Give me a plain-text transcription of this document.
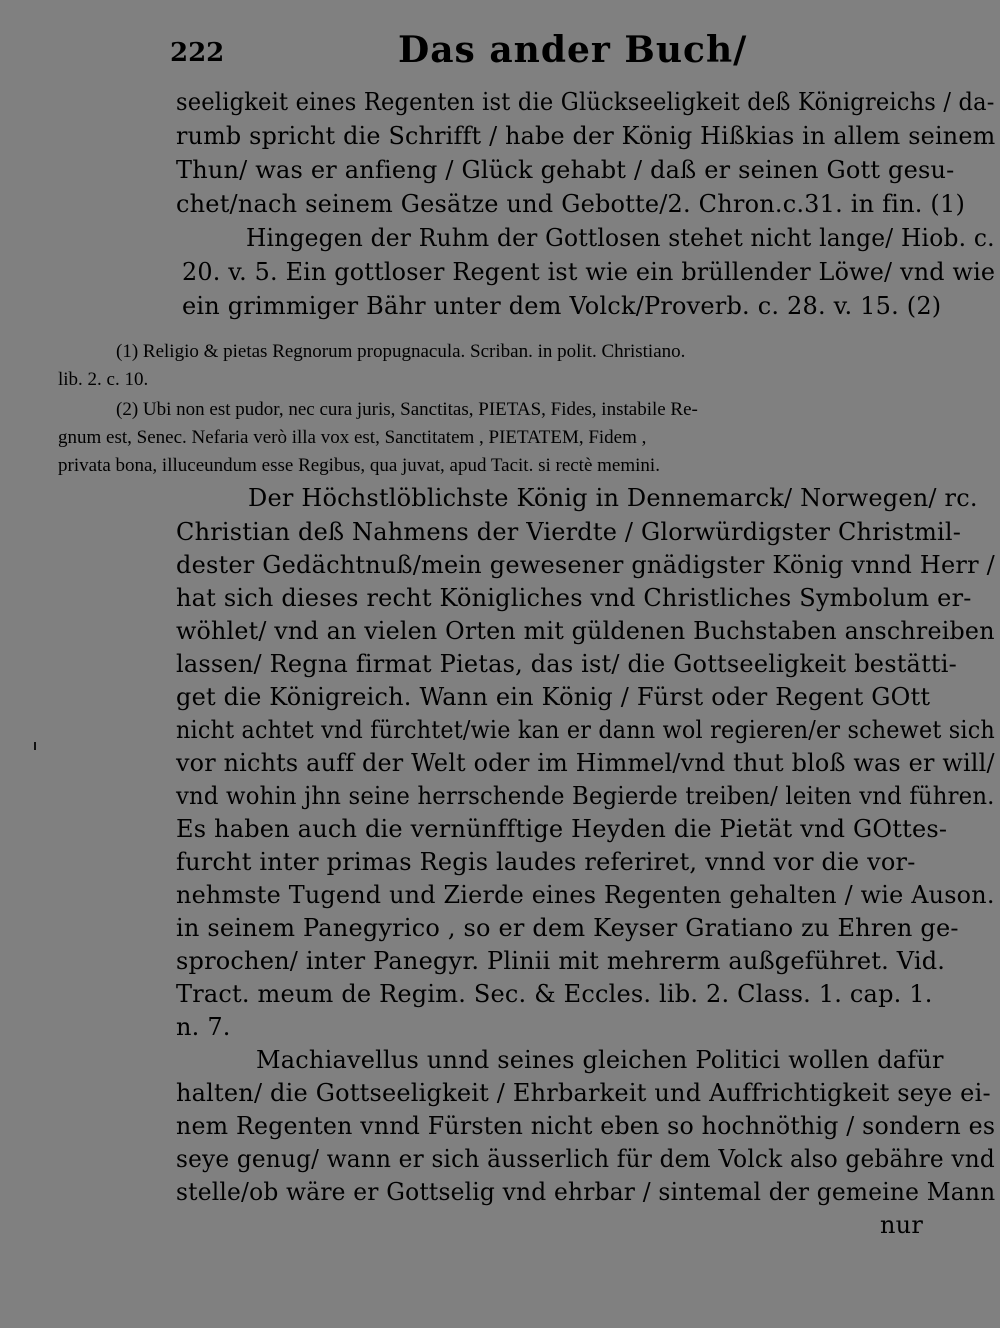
222	Das ander Buch/
seeligkeit eines Regenten ist die Glückseeligkeit deß Königreichs / da-
rumb spricht die Schrifft / habe der König Hißkias in allem seinem
Thun/ was er anfieng / Glück gehabt / daß er seinen Gott gesu-
chet/nach seinem Gesätze und Gebotte/2. Chron.c.31. in fin. (1)
Hingegen der Ruhm der Gottlosen stehet nicht lange/ Hiob. c.
20. v. 5. Ein gottloser Regent ist wie ein brüllender Löwe/ vnd wie
ein grimmiger Bähr unter dem Volck/Proverb. c. 28. v. 15. (2)
(1) Religio & pietas Regnorum propugnacula. Scriban. in polit. Christiano.
lib. 2. c. 10.
(2) Ubi non est pudor, nec cura juris, Sanctitas, PIETAS, Fides, instabile Re-
gnum est, Senec. Nefaria verò illa vox est, Sanctitatem , PIETATEM, Fidem ,
privata bona, illuceundum esse Regibus, qua juvat, apud Tacit. si rectè memini.
Der Höchstlöblichste König in Dennemarck/ Norwegen/ rc.
Christian deß Nahmens der Vierdte / Glorwürdigster Christmil-
dester Gedächtnuß/mein gewesener gnädigster König vnnd Herr /
hat sich dieses recht Königliches vnd Christliches Symbolum er-
wöhlet/ vnd an vielen Orten mit güldenen Buchstaben anschreiben
lassen/ Regna firmat Pietas, das ist/ die Gottseeligkeit bestätti-
get die Königreich. Wann ein König / Fürst oder Regent GOtt
nicht achtet vnd fürchtet/wie kan er dann wol regieren/er schewet sich
vor nichts auff der Welt oder im Himmel/vnd thut bloß was er will/
vnd wohin jhn seine herrschende Begierde treiben/ leiten vnd führen.
Es haben auch die vernünfftige Heyden die Pietät vnd GOttes-
furcht inter primas Regis laudes referiret, vnnd vor die vor-
nehmste Tugend und Zierde eines Regenten gehalten / wie Auson.
in seinem Panegyrico , so er dem Keyser Gratiano zu Ehren ge-
sprochen/ inter Panegyr. Plinii mit mehrerm außgeführet. Vid.
Tract. meum de Regim. Sec. & Eccles. lib. 2. Class. 1. cap. 1.
n. 7.
Machiavellus unnd seines gleichen Politici wollen dafür
halten/ die Gottseeligkeit / Ehrbarkeit und Auffrichtigkeit seye ei-
nem Regenten vnnd Fürsten nicht eben so hochnöthig / sondern es
seye genug/ wann er sich äusserlich für dem Volck also gebähre vnd
stelle/ob wäre er Gottselig vnd ehrbar / sintemal der gemeine Mann
nur
